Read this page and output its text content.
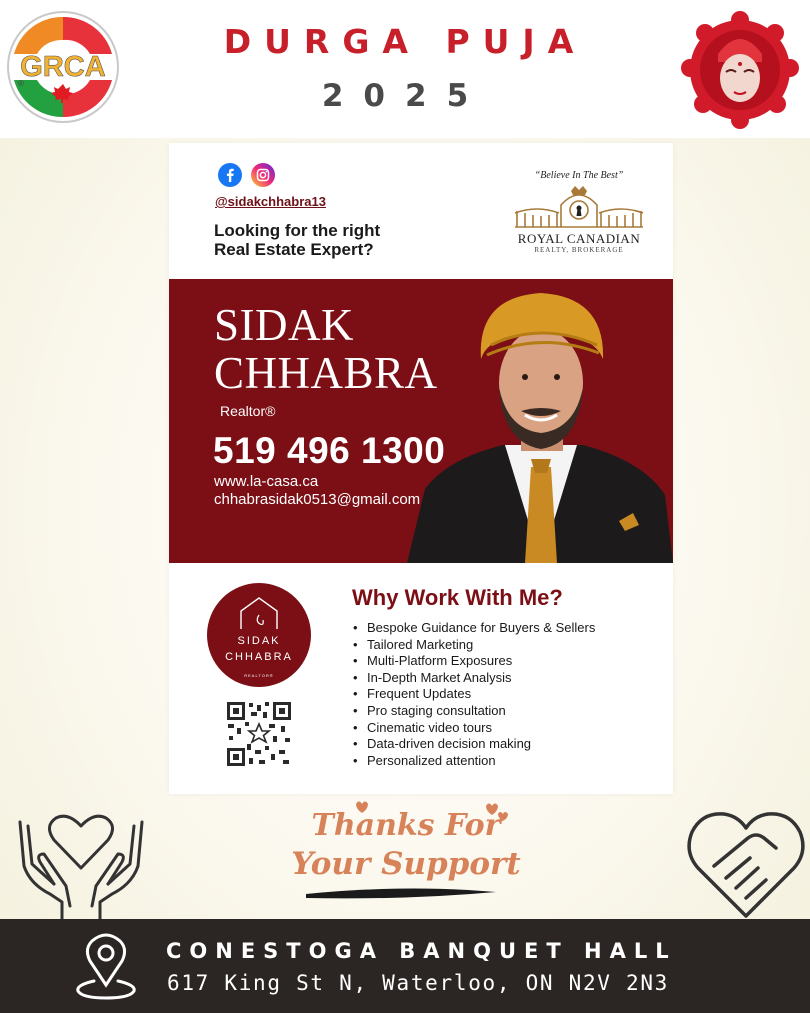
GRCA
®
DURGA PUJA
2025

@sidakchhabra13
Looking for the right
Real Estate Expert?
“Believe In The Best”
ROYAL CANADIAN
REALTY, BROKERAGE
SIDAK
CHHABRA
Realtor®
519 496 1300
www.la-casa.ca
chhabrasidak0513@gmail.com
SIDAK
CHHABRA
REALTOR®
Why Work With Me?
• Bespoke Guidance for Buyers & Sellers
• Tailored Marketing
• Multi-Platform Exposures
• In-Depth Market Analysis
• Frequent Updates
• Pro staging consultation
• Cinematic video tours
• Data-driven decision making
• Personalized attention
Thanks For
Your Support
CONESTOGA BANQUET HALL
617 King St N, Waterloo, ON N2V 2N3
